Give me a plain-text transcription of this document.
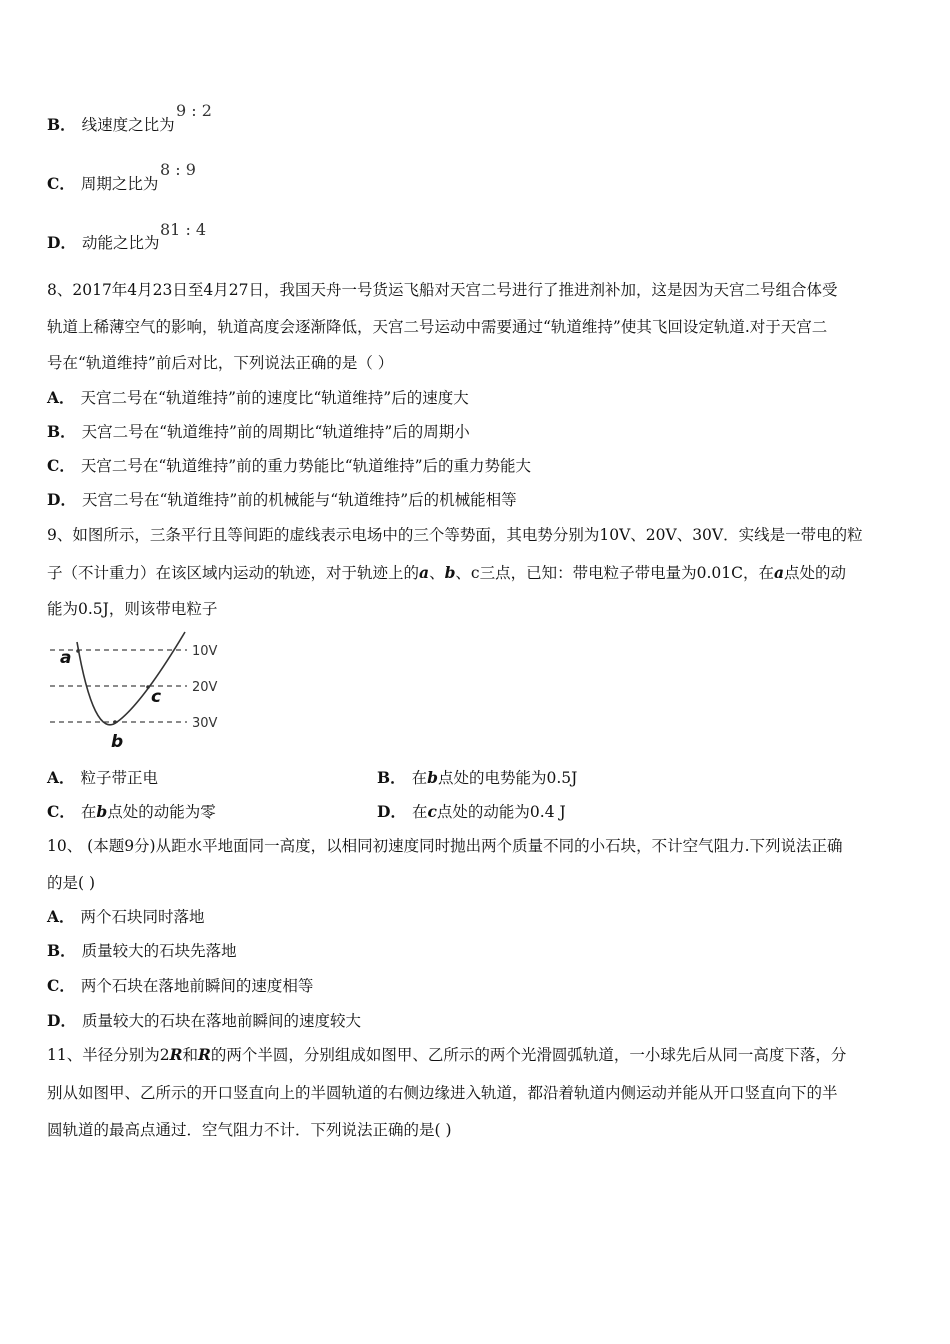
B． 线速度之比为
9 : 2
C． 周期之比为
8 : 9
D． 动能之比为
81 : 4
8、2017年4月23日至4月27日，我国天舟一号货运飞船对天宫二号进行了推进剂补加，这是因为天宫二号组合体受
轨道上稀薄空气的影响，轨道高度会逐渐降低，天宫二号运动中需要通过“轨道维持”使其飞回设定轨道.对于天宫二
号在“轨道维持”前后对比，下列说法正确的是（ ）
A． 天宫二号在“轨道维持”前的速度比“轨道维持”后的速度大
B． 天宫二号在“轨道维持”前的周期比“轨道维持”后的周期小
C． 天宫二号在“轨道维持”前的重力势能比“轨道维持”后的重力势能大
D． 天宫二号在“轨道维持”前的机械能与“轨道维持”后的机械能相等
9、如图所示，三条平行且等间距的虚线表示电场中的三个等势面，其电势分别为10V、20V、30V．实线是一带电的粒
子（不计重力）在该区域内运动的轨迹，对于轨迹上的a、b、c三点，已知：带电粒子带电量为0.01C，在a点处的动
能为0.5J，则该带电粒子
10V
20V
30V
a
c
b
A． 粒子带正电	B． 在b点处的电势能为0.5J
C． 在b点处的动能为零	D． 在c点处的动能为0.4 J
10、 (本题9分)从距水平地面同一高度，以相同初速度同时抛出两个质量不同的小石块，不计空气阻力.下列说法正确
的是( )
A． 两个石块同时落地
B． 质量较大的石块先落地
C． 两个石块在落地前瞬间的速度相等
D． 质量较大的石块在落地前瞬间的速度较大
11、半径分别为2R和R的两个半圆，分别组成如图甲、乙所示的两个光滑圆弧轨道，一小球先后从同一高度下落，分
别从如图甲、乙所示的开口竖直向上的半圆轨道的右侧边缘进入轨道，都沿着轨道内侧运动并能从开口竖直向下的半
圆轨道的最高点通过．空气阻力不计．下列说法正确的是( )
